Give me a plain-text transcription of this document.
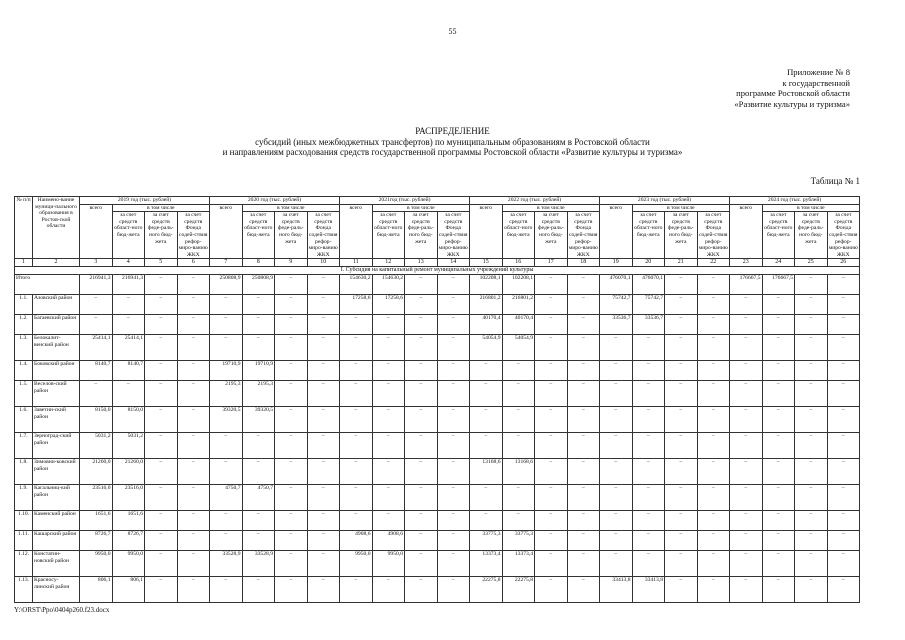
55
Приложение № 8
к государственной
программе Ростовской области
«Развитие культуры и туризма»
РАСПРЕДЕЛЕНИЕ
субсидий (иных межбюджетных трансфертов) по муниципальным образованиям в Ростовской области
и направлениям расходования средств государственной программы Ростовской области «Развитие культуры и туризма»
Таблица № 1
№ п/п	Наимено-вание муници-пального образования в Ростов-ской области	2019 год (тыс. рублей)				2020 год (тыс. рублей)				2021год (тыс. рублей)				2022 год (тыс. рублей)				2023 год (тыс. рублей)				2024 год (тыс. рублей)			
		всего	в том числе			всего	в том числе			всего	в том числе			всего	в том числе			всего	в том числе			всего	в том числе		
			за счет средств област-ного бюд-жета	за счет средств феде-раль-ного бюд-жета	за счет средств Фонда содей-ствия рефор-миро-ванию ЖКХ		за счет средств област-ного бюд-жета	за счет средств феде-раль-ного бюд-жета	за счет средств Фонда содей-ствия рефор-миро-ванию ЖКХ		за счет средств област-ного бюд-жета	за счет средств феде-раль-ного бюд-жета	за счет средств Фонда содей-ствия рефор-миро-ванию ЖКХ		за счет средств област-ного бюд-жета	за счет средств феде-раль-ного бюд-жета	за счет средств Фонда содей-ствия рефор-миро-ванию ЖКХ		за счет средств област-ного бюд-жета	за счет средств феде-раль-ного бюд-жета	за счет средств Фонда содей-ствия рефор-миро-ванию ЖКХ		за счет средств област-ного бюд-жета	за счет средств феде-раль-ного бюд-жета	за счет средств Фонда содей-ствия рефор-миро-ванию ЖКХ
1	2	3	4	5	6	7	8	9	10	11	12	13	14	15	16	17	18	19	20	21	22	23	24	25	26
I. Субсидия на капитальный ремонт муниципальных учреждений культуры																									
Итого		216941,3	216941,3	–	–	250808,9	250808,9	–	–	154630,2	154630,2	–	–	102208,1	102208,1	–	–	476070,1	476070,1	–	–	176667,5	176667,5	–	–
1.1.	Азовский район	–	–	–	–	–	–	–	–	17258,6	17258,6	–	–	216801,2	216801,2	–	–	75742,7	75742,7	–	–	–	–	–	–
1.2.	Багаевский район	–	–	–	–	–	–	–	–	–	–	–	–	40170,4	40170,4	–	–	33536,7	33536,7	–	–	–	–	–	–
1.3.	Белокалит-венский район	25414,1	25414,1	–	–	–	–	–	–	–	–	–	–	54054,9	54054,9	–	–	–	–	–	–	–	–	–	–
1.4.	Боковский район	8140,7	8140,7	–	–	19710,9	19710,9	–	–	–	–	–	–	–	–	–	–	–	–	–	–	–	–	–	–
1.5.	Веселов-ский район	–	–	–	–	2195,3	2195,3	–	–	–	–	–	–	–	–	–	–	–	–	–	–	–	–	–	–
1.6.	Заветин-ский район	8150,0	8150,0	–	–	39320,5	39320,5	–	–	–	–	–	–	–	–	–	–	–	–	–	–	–	–	–	–
1.7.	Зерноград-ский район	5031,2	5031,2	–	–	–	–	–	–	–	–	–	–	–	–	–	–	–	–	–	–	–	–	–	–
1.8.	Зимовни-ковский район	21260,0	21260,0	–	–	–	–	–	–	–	–	–	–	13168,6	13168,6	–	–	–	–	–	–	–	–	–	–
1.9.	Кагальниц-кий район	23516,0	23516,0	–	–	4750,7	4750,7	–	–	–	–	–	–	–	–	–	–	–	–	–	–	–	–	–	–
1.10.	Каменский район	1651,6	1651,6	–	–	–	–	–	–	–	–	–	–	–	–	–	–	–	–	–	–	–	–	–	–
1.11.	Кашарский район	8726,7	8726,7	–	–	–	–	–	–	4908,6	4908,6	–	–	33775,3	33775,3	–	–	–	–	–	–	–	–	–	–
1.12.	Констатин-новский район	9950,0	9950,0	–	–	33528,9	33528,9	–	–	9950,0	9950,0	–	–	13373,4	13373,4	–	–	–	–	–	–	–	–	–	–
1.13.	Красносу-линский район	806,1	806,1	–	–	–	–	–	–	–	–	–	–	22275,8	22275,8	–	–	33413,8	33413,8	–	–	–	–	–	–
Y:\ORST\Ppo\0404p260.f23.docx
